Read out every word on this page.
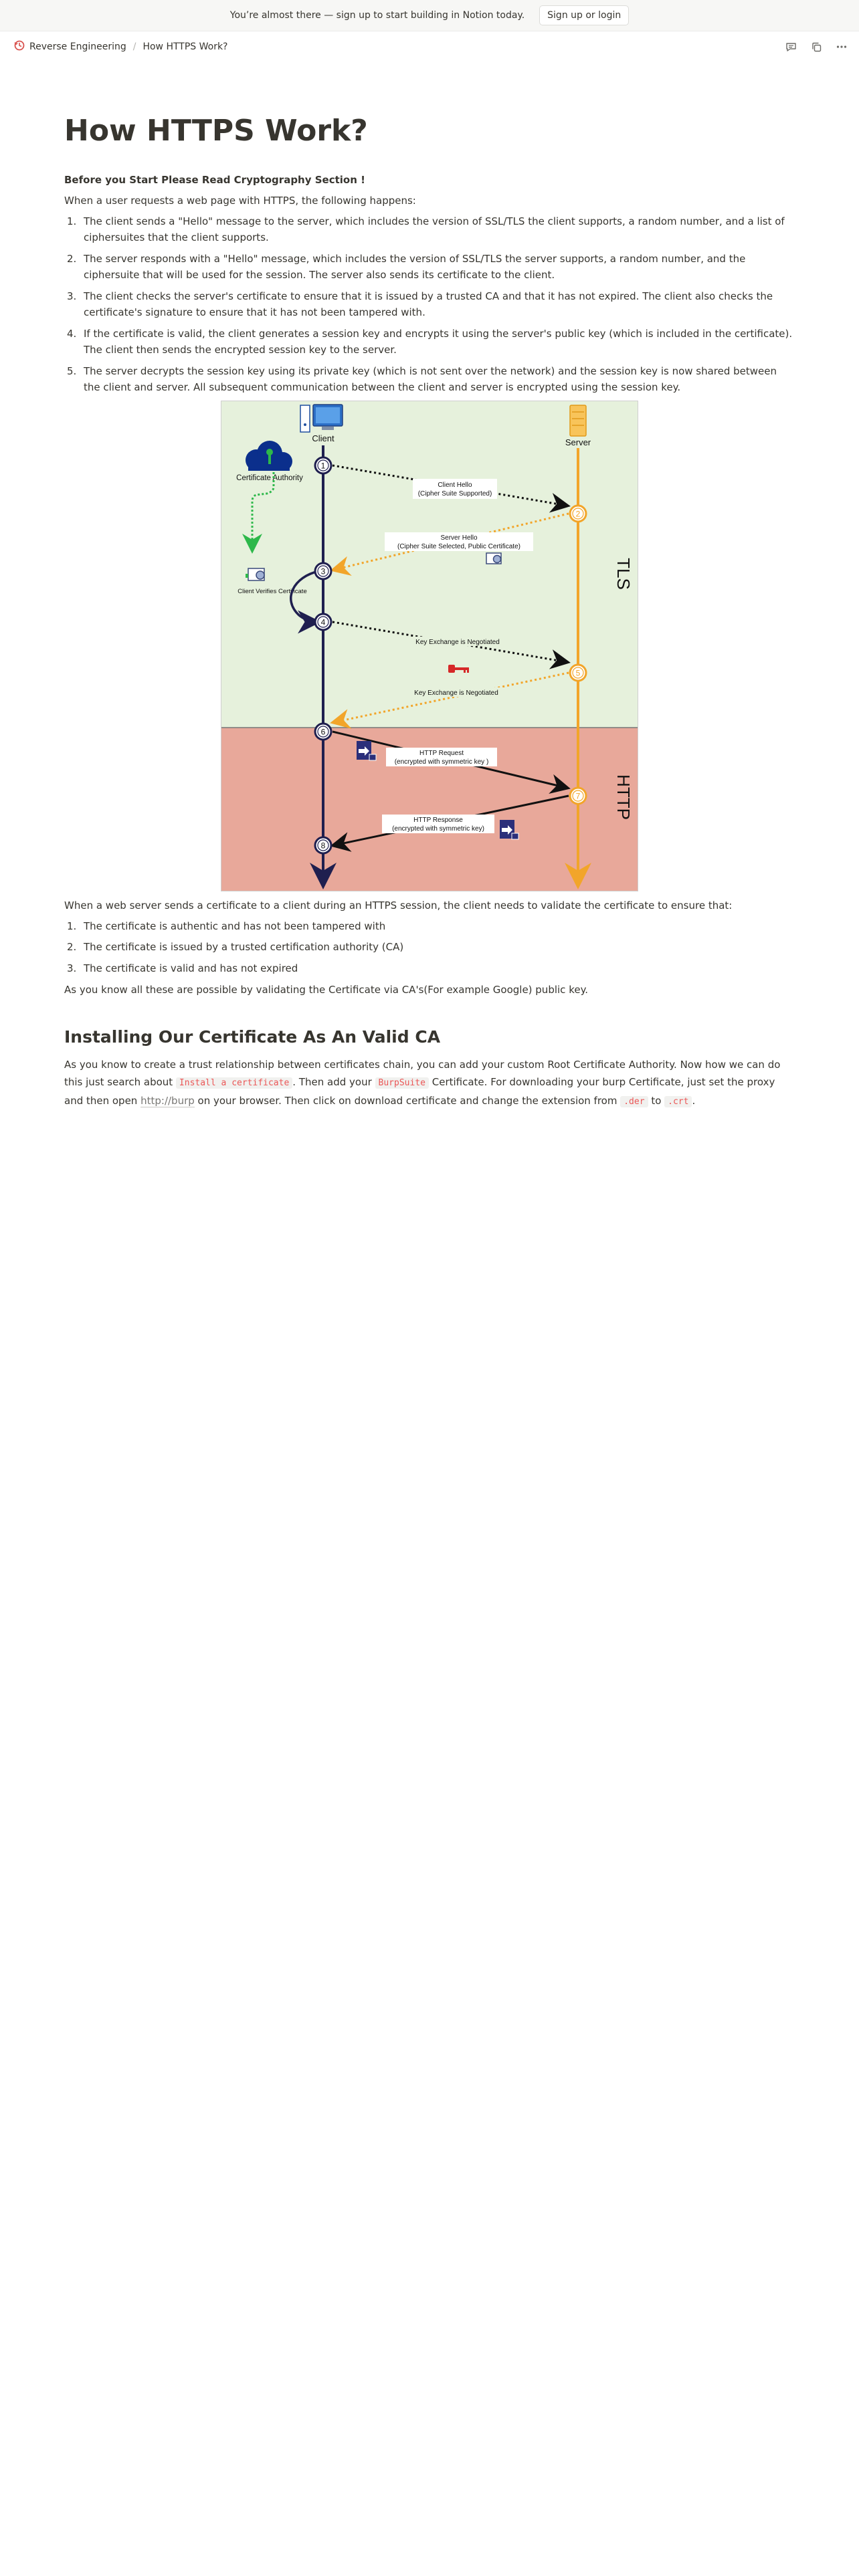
You’re almost there — sign up to start building in Notion today.	Sign up or login
Reverse Engineering / How HTTPS Work?
How HTTPS Work?
Before you Start Please Read Cryptography Section !
When a user requests a web page with HTTPS, the following happens:
1. The client sends a "Hello" message to the server, which includes the version of SSL/TLS the client supports, a random number, and a list of ciphersuites that the client supports.
2. The server responds with a "Hello" message, which includes the version of SSL/TLS the server supports, a random number, and the ciphersuite that will be used for the session. The server also sends its certificate to the client.
3. The client checks the server's certificate to ensure that it is issued by a trusted CA and that it has not expired. The client also checks the certificate's signature to ensure that it has not been tampered with.
4. If the certificate is valid, the client generates a session key and encrypts it using the server's public key (which is included in the certificate). The client then sends the encrypted session key to the server.
5. The server decrypts the session key using its private key (which is not sent over the network) and the session key is now shared between the client and server. All subsequent communication between the client and server is encrypted using the session key.
Client	Server
Certificate Authority
TLS
HTTP
Client Verifies Certificate
Client Hello
(Cipher Suite Supported)
Server Hello
(Cipher Suite Selected, Public Certificate)
Key Exchange is Negotiated
Key Exchange is Negotiated
HTTP Request
(encrypted with symmetric key )
HTTP Response
(encrypted with symmetric key)
1
2
3
4
5
6
7
8
When a web server sends a certificate to a client during an HTTPS session, the client needs to validate the certificate to ensure that:
1. The certificate is authentic and has not been tampered with
2. The certificate is issued by a trusted certification authority (CA)
3. The certificate is valid and has not expired
As you know all these are possible by validating the Certificate via CA's(For example Google) public key.
Installing Our Certificate As An Valid CA
As you know to create a trust relationship between certificates chain, you can add your custom Root Certificate Authority. Now how we can do this just search about Install a certificate . Then add your BurpSuite Certificate. For downloading your burp Certificate, just set the proxy and then open http://burp on your browser. Then click on download certificate and change the extension from .der to .crt .
